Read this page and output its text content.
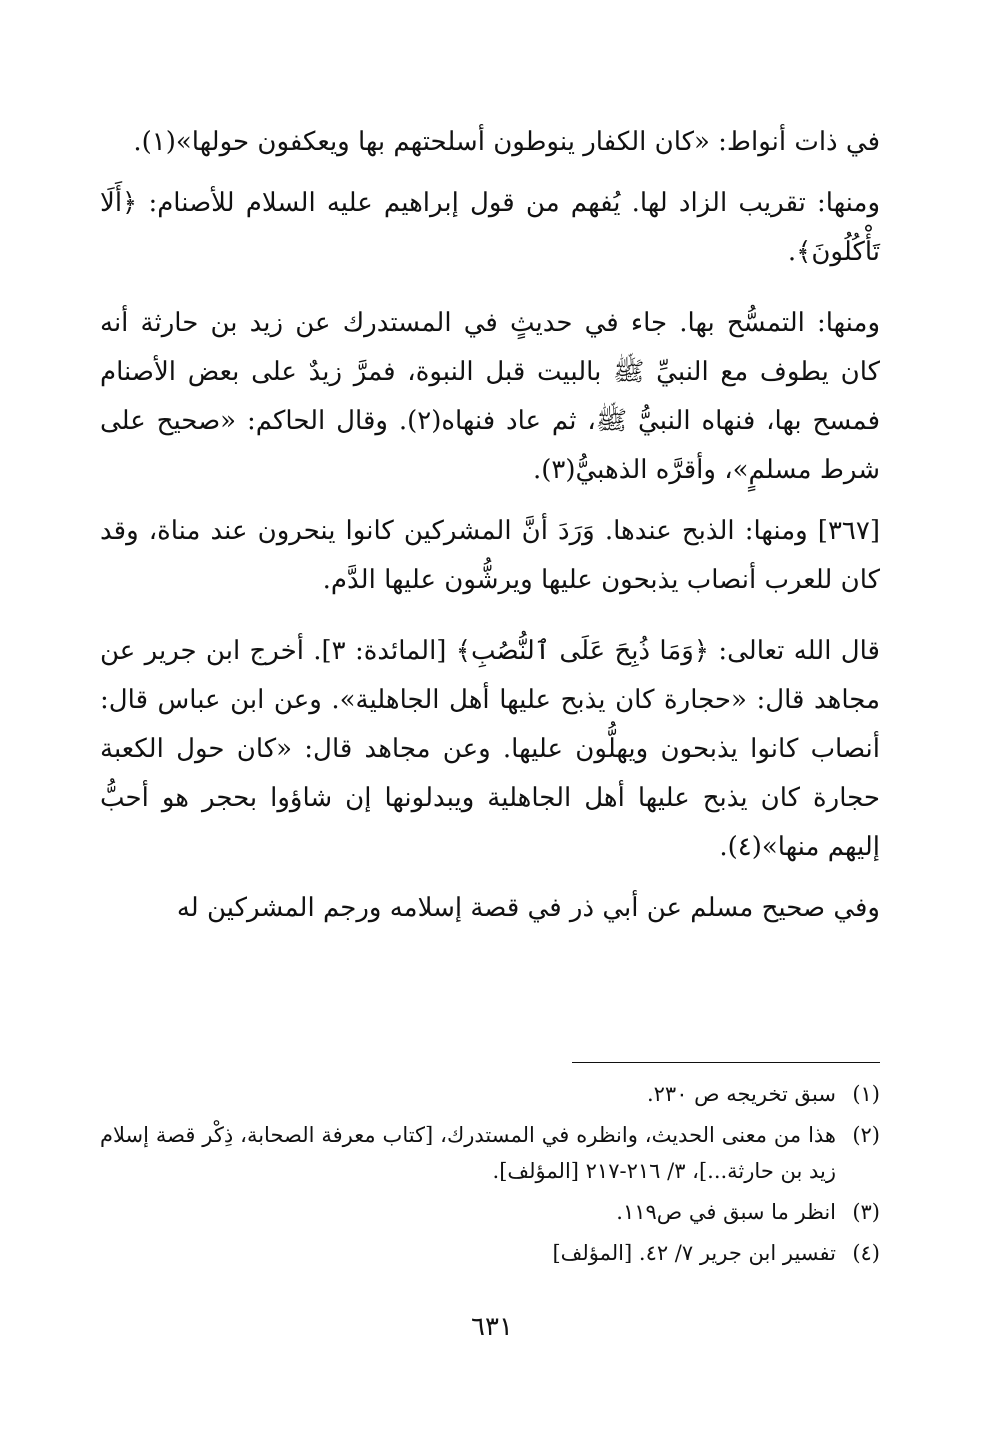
في ذات أنواط: «كان الكفار ينوطون أسلحتهم بها ويعكفون حولها»(١).

ومنها: تقريب الزاد لها. يُفهم من قول إبراهيم عليه السلام للأصنام: ﴿أَلَا تَأْكُلُونَ﴾.

ومنها: التمسُّح بها. جاء في حديثٍ في المستدرك عن زيد بن حارثة أنه كان يطوف مع النبيِّ ﷺ بالبيت قبل النبوة، فمرَّ زيدٌ على بعض الأصنام فمسح بها، فنهاه النبيُّ ﷺ، ثم عاد فنهاه(٢). وقال الحاكم: «صحيح على شرط مسلمٍ»، وأقرَّه الذهبيُّ(٣).

[٣٦٧] ومنها: الذبح عندها. وَرَدَ أنَّ المشركين كانوا ينحرون عند مناة، وقد كان للعرب أنصاب يذبحون عليها ويرشُّون عليها الدَّم.

قال الله تعالى: ﴿وَمَا ذُبِحَ عَلَى ٱلنُّصُبِ﴾ [المائدة: ٣]. أخرج ابن جرير عن مجاهد قال: «حجارة كان يذبح عليها أهل الجاهلية». وعن ابن عباس قال: أنصاب كانوا يذبحون ويهلُّون عليها. وعن مجاهد قال: «كان حول الكعبة حجارة كان يذبح عليها أهل الجاهلية ويبدلونها إن شاؤوا بحجر هو أحبُّ إليهم منها»(٤).

وفي صحيح مسلم عن أبي ذر في قصة إسلامه ورجم المشركين له

(١)
سبق تخريجه ص ٢٣٠.
(٢)
هذا من معنى الحديث، وانظره في المستدرك، [كتاب معرفة الصحابة، ذِكْر قصة إسلام زيد بن حارثة...]، ٣/ ٢١٦-٢١٧ [المؤلف].
(٣)
انظر ما سبق في ص١١٩.
(٤)
تفسير ابن جرير ٧/ ٤٢. [المؤلف]
٦٣١
